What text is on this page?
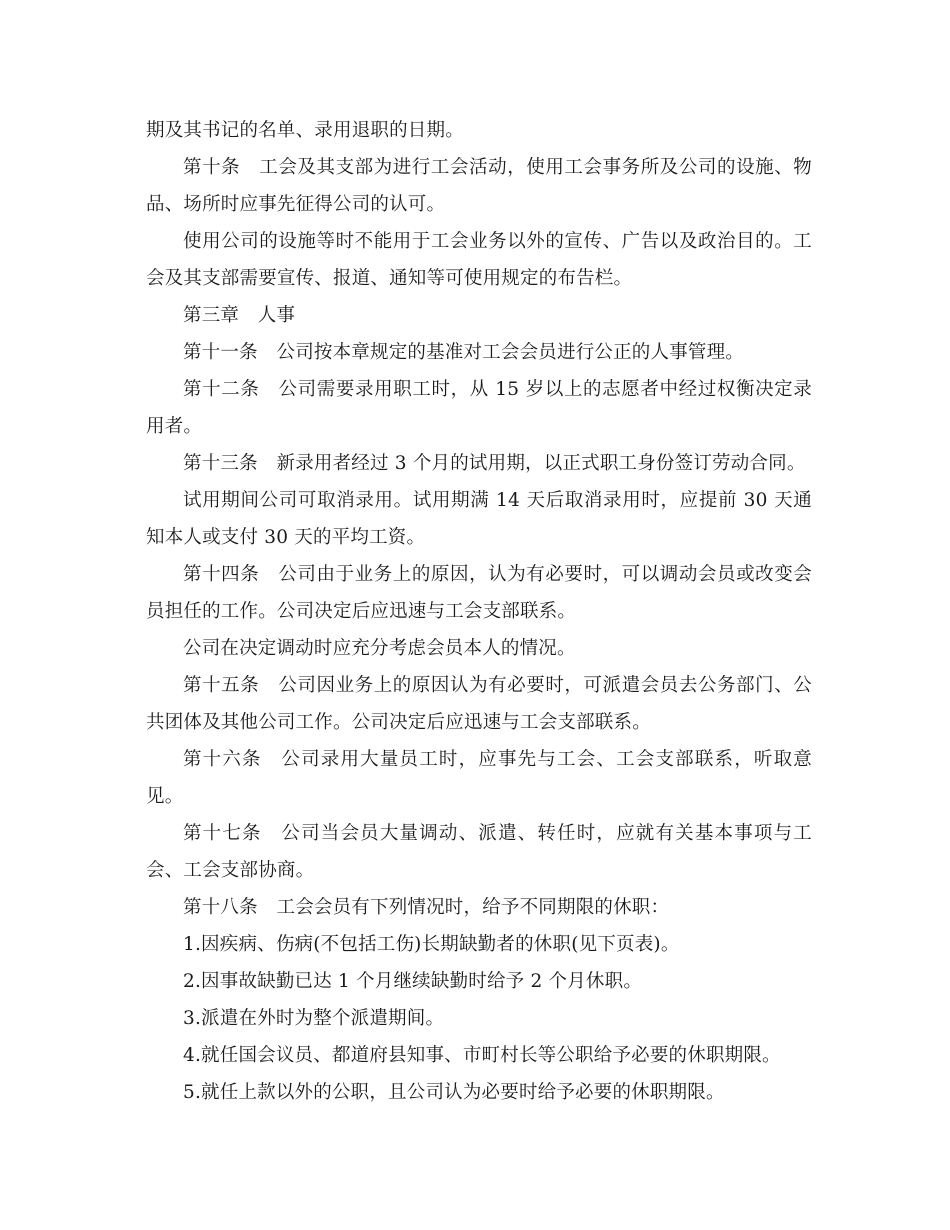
期及其书记的名单、录用退职的日期。

第十条　工会及其支部为进行工会活动，使用工会事务所及公司的设施、物品、场所时应事先征得公司的认可。

使用公司的设施等时不能用于工会业务以外的宣传、广告以及政治目的。工会及其支部需要宣传、报道、通知等可使用规定的布告栏。

第三章　人事

第十一条　公司按本章规定的基准对工会会员进行公正的人事管理。

第十二条　公司需要录用职工时，从 15 岁以上的志愿者中经过权衡决定录用者。

第十三条　新录用者经过 3 个月的试用期，以正式职工身份签订劳动合同。

试用期间公司可取消录用。试用期满 14 天后取消录用时，应提前 30 天通知本人或支付 30 天的平均工资。

第十四条　公司由于业务上的原因，认为有必要时，可以调动会员或改变会员担任的工作。公司决定后应迅速与工会支部联系。

公司在决定调动时应充分考虑会员本人的情况。

第十五条　公司因业务上的原因认为有必要时，可派遣会员去公务部门、公共团体及其他公司工作。公司决定后应迅速与工会支部联系。

第十六条　公司录用大量员工时，应事先与工会、工会支部联系，听取意见。

第十七条　公司当会员大量调动、派遣、转任时，应就有关基本事项与工会、工会支部协商。

第十八条　工会会员有下列情况时，给予不同期限的休职：

1.因疾病、伤病(不包括工伤)长期缺勤者的休职(见下页表)。

2.因事故缺勤已达 1 个月继续缺勤时给予 2 个月休职。

3.派遣在外时为整个派遣期间。

4.就任国会议员、都道府县知事、市町村长等公职给予必要的休职期限。

5.就任上款以外的公职，且公司认为必要时给予必要的休职期限。
